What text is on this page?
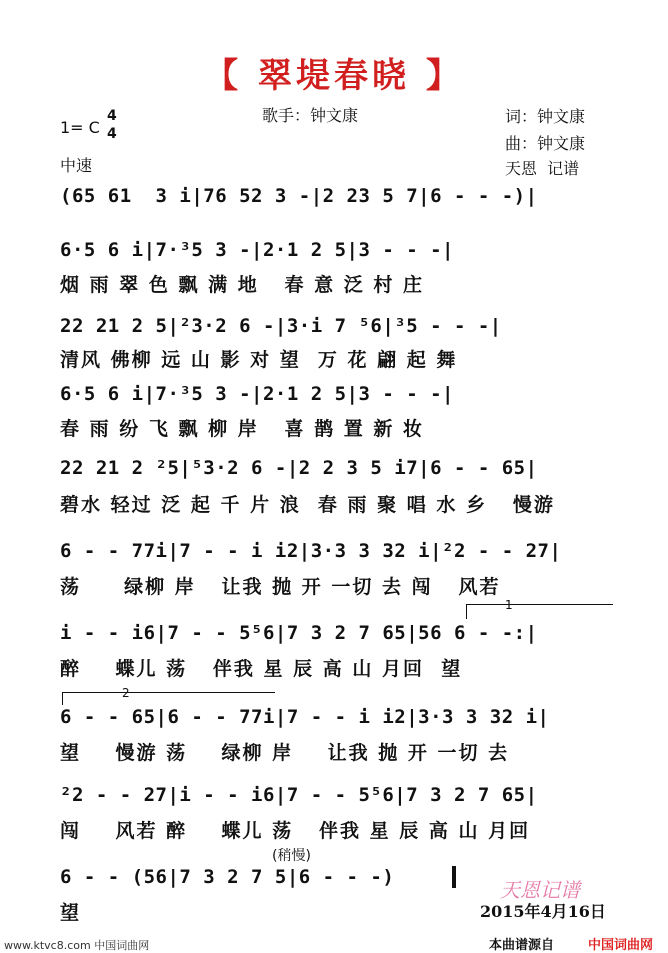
【 翠堤春晓 】
歌手：钟文康	词：钟文康
曲：钟文康
天恩  记谱
1= C
4
4
中速
(65 61  3 i|76 52 3 -|2 23 5 7|6 - - -)|
6·5 6 i|7·³5 3 -|2·1 2 5|3 - - -|
烟 雨 翠 色 飘 满 地   春 意 泛 村 庄
22 21 2 5|²3·2 6 -|3·i 7 ⁵6|³5 - - -|
清风 佛柳 远 山 影 对 望  万 花 翩 起 舞
6·5 6 i|7·³5 3 -|2·1 2 5|3 - - -|
春 雨 纷 飞 飘 柳 岸   喜 鹊 置 新 妆
22 21 2 ²5|⁵3·2 6 -|2 2 3 5 i7|6 - - 65|
碧水 轻过 泛 起 千 片 浪  春 雨 聚 唱 水 乡   慢游
6 - - 77i|7 - - i i2|3·3 3 32 i|²2 - - 27|
荡     绿柳 岸   让我 抛 开 一切 去 闯   风若
1
i - - i6|7 - - 5⁵6|7 3 2 7 65|56 6 - -:|
醉    蝶儿 荡   伴我 星 辰 高 山 月回  望
2
6 - - 65|6 - - 77i|7 - - i i2|3·3 3 32 i|
望    慢游 荡    绿柳 岸    让我 抛 开 一切 去
²2 - - 27|i - - i6|7 - - 5⁵6|7 3 2 7 65|
闯    风若 醉    蝶儿 荡   伴我 星 辰 高 山 月回
(稍慢)
6 - - (56|7 3 2 7 5|6 - - -)
望
天恩记谱
2015年4月16日
www.ktvc8.com 中国词曲网	本曲谱源自	中国词曲网
